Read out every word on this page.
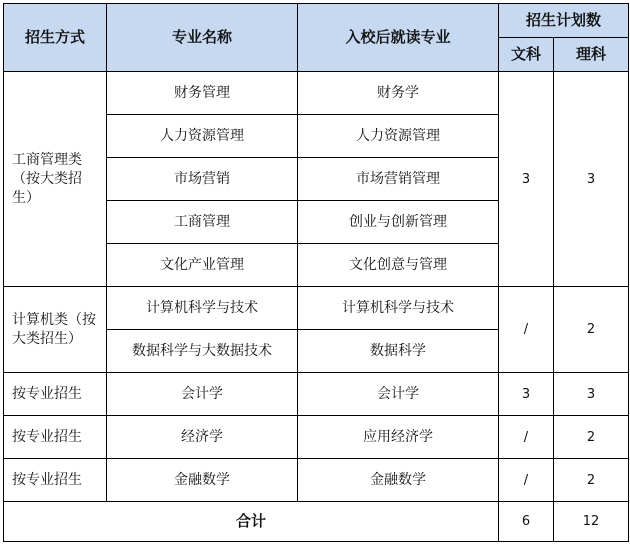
招生方式	专业名称	入校后就读专业	招生计划数	
			文科	理科
工商管理类（按大类招生）	财务管理	财务学	3	3
	人力资源管理	人力资源管理		
	市场营销	市场营销管理		
	工商管理	创业与创新管理		
	文化产业管理	文化创意与管理		
计算机类（按大类招生）	计算机科学与技术	计算机科学与技术	/	2
	数据科学与大数据技术	数据科学		
按专业招生	会计学	会计学	3	3
按专业招生	经济学	应用经济学	/	2
按专业招生	金融数学	金融数学	/	2
合计			6	12
